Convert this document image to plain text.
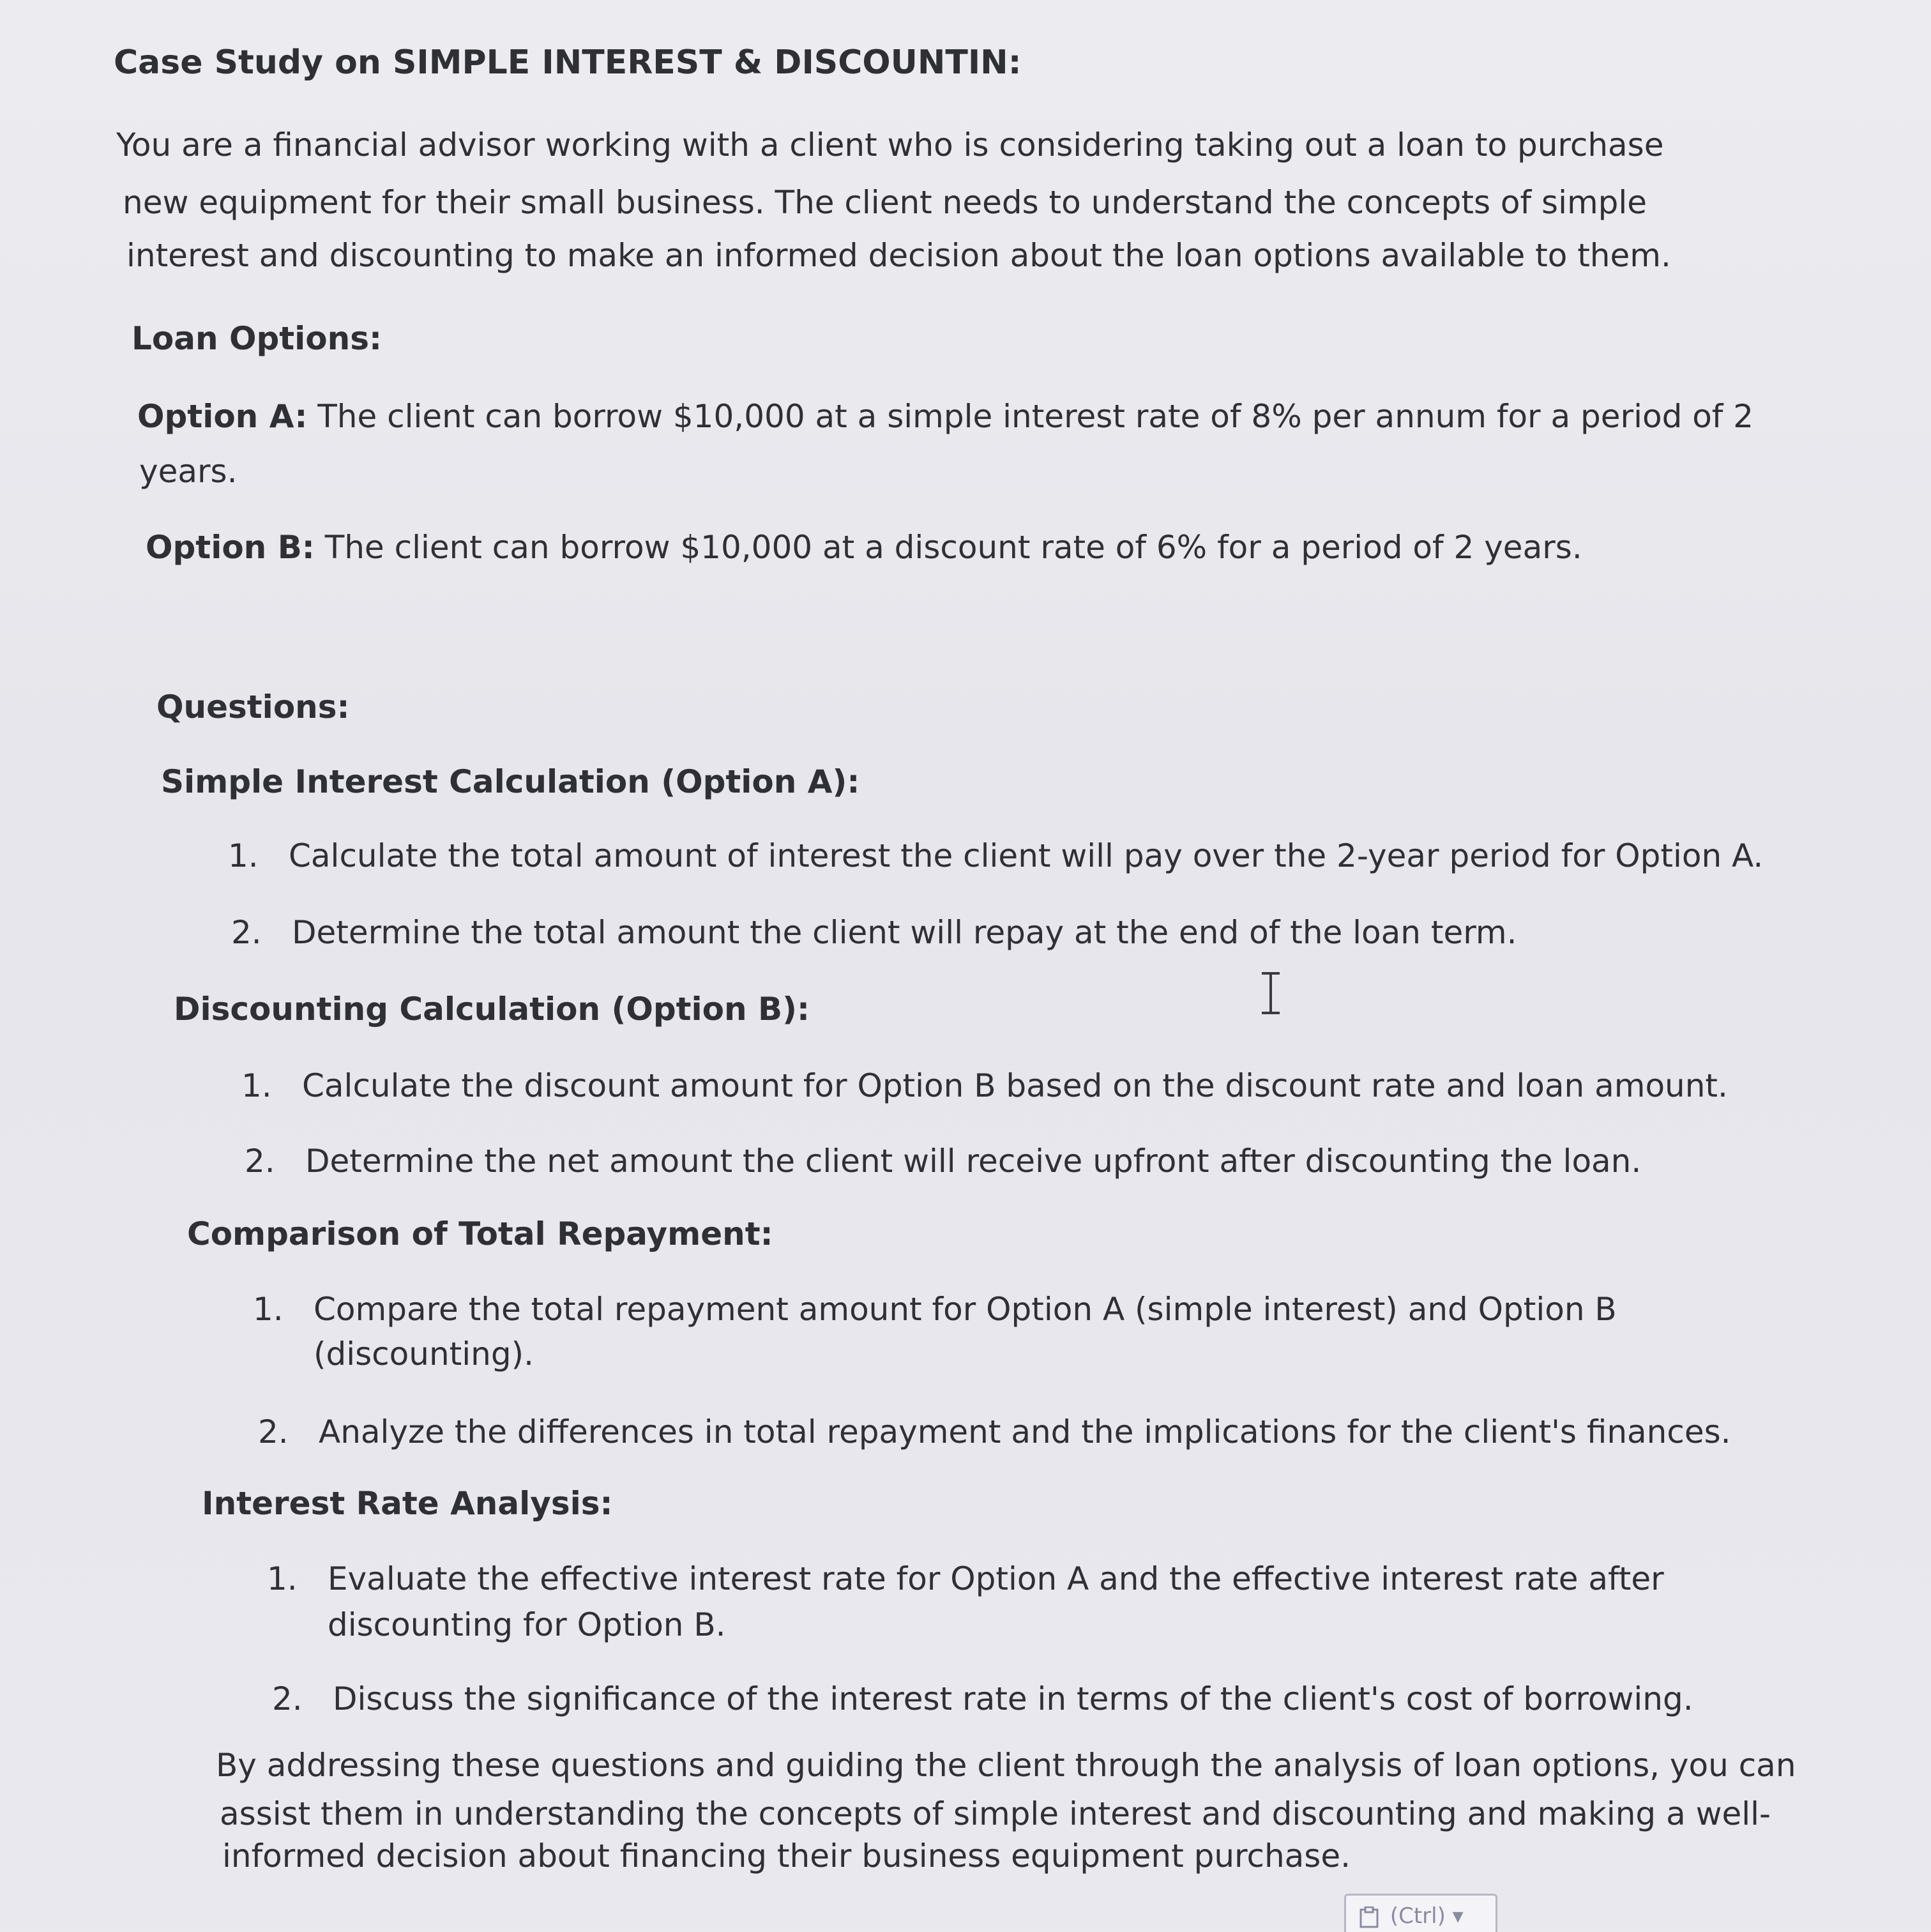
Case Study on SIMPLE INTEREST & DISCOUNTIN:
You are a financial advisor working with a client who is considering taking out a loan to purchase
new equipment for their small business. The client needs to understand the concepts of simple
interest and discounting to make an informed decision about the loan options available to them.
Loan Options:
Option A: The client can borrow $10,000 at a simple interest rate of 8% per annum for a period of 2
years.
Option B: The client can borrow $10,000 at a discount rate of 6% for a period of 2 years.
Questions:
Simple Interest Calculation (Option A):
1. Calculate the total amount of interest the client will pay over the 2-year period for Option A.
2. Determine the total amount the client will repay at the end of the loan term.
Discounting Calculation (Option B):
1. Calculate the discount amount for Option B based on the discount rate and loan amount.
2. Determine the net amount the client will receive upfront after discounting the loan.
Comparison of Total Repayment:
1. Compare the total repayment amount for Option A (simple interest) and Option B
(discounting).
2. Analyze the differences in total repayment and the implications for the client's finances.
Interest Rate Analysis:
1. Evaluate the effective interest rate for Option A and the effective interest rate after
discounting for Option B.
2. Discuss the significance of the interest rate in terms of the client's cost of borrowing.
By addressing these questions and guiding the client through the analysis of loan options, you can
assist them in understanding the concepts of simple interest and discounting and making a well-
informed decision about financing their business equipment purchase.
(Ctrl) ▾
